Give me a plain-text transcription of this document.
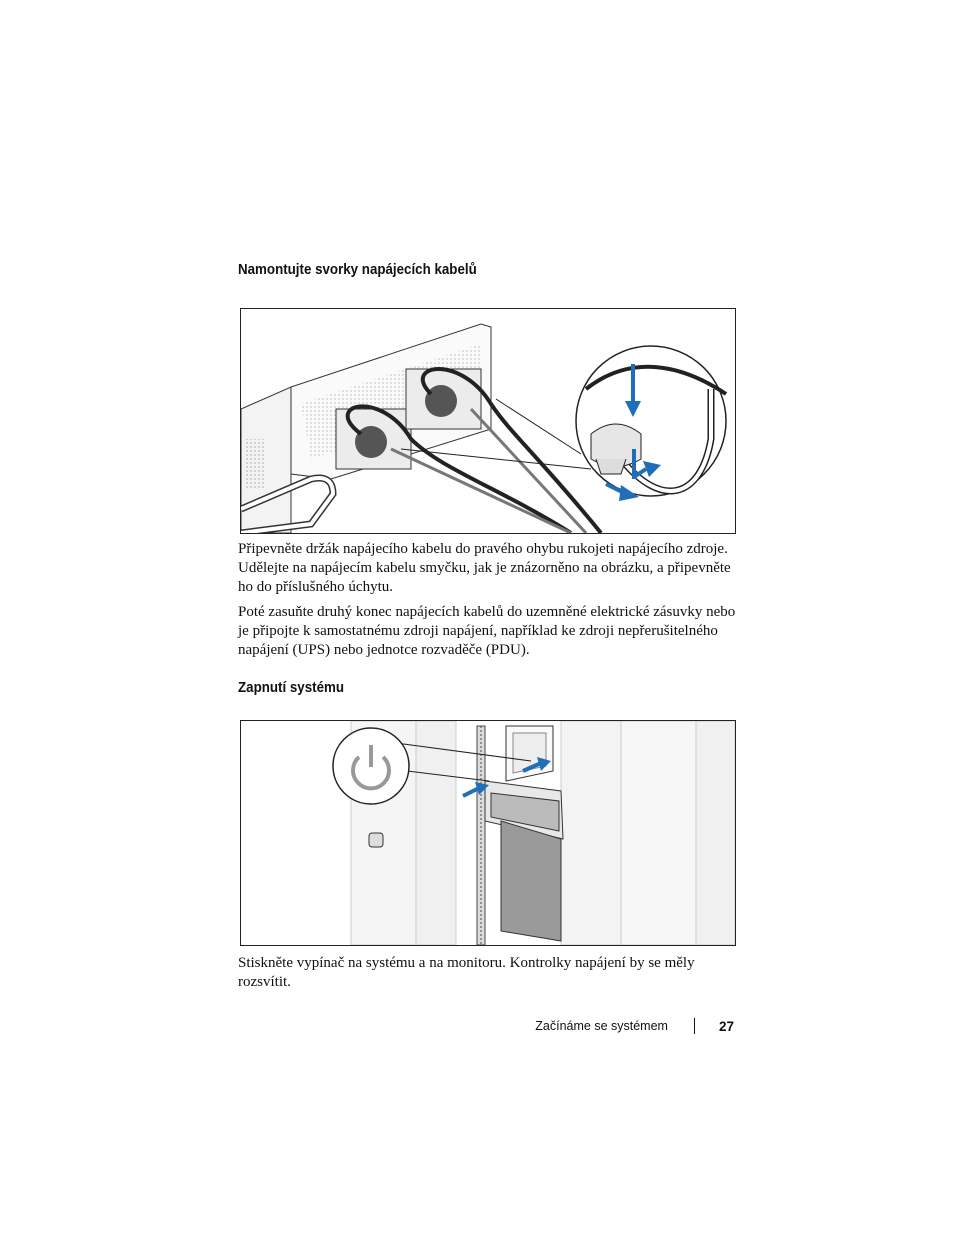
Namontujte svorky napájecích kabelů

Připevněte držák napájecího kabelu do pravého ohybu rukojeti napájecího zdroje. Udělejte na napájecím kabelu smyčku, jak je znázorněno na obrázku, a připevněte ho do příslušného úchytu.

Poté zasuňte druhý konec napájecích kabelů do uzemněné elektrické zásuvky nebo je připojte k samostatnému zdroji napájení, například ke zdroji nepřerušitelného napájení (UPS) nebo jednotce rozvaděče (PDU).

Zapnutí systému

Stiskněte vypínač na systému a na monitoru. Kontrolky napájení by se měly rozsvítit.

Začínáme se systémem	27
